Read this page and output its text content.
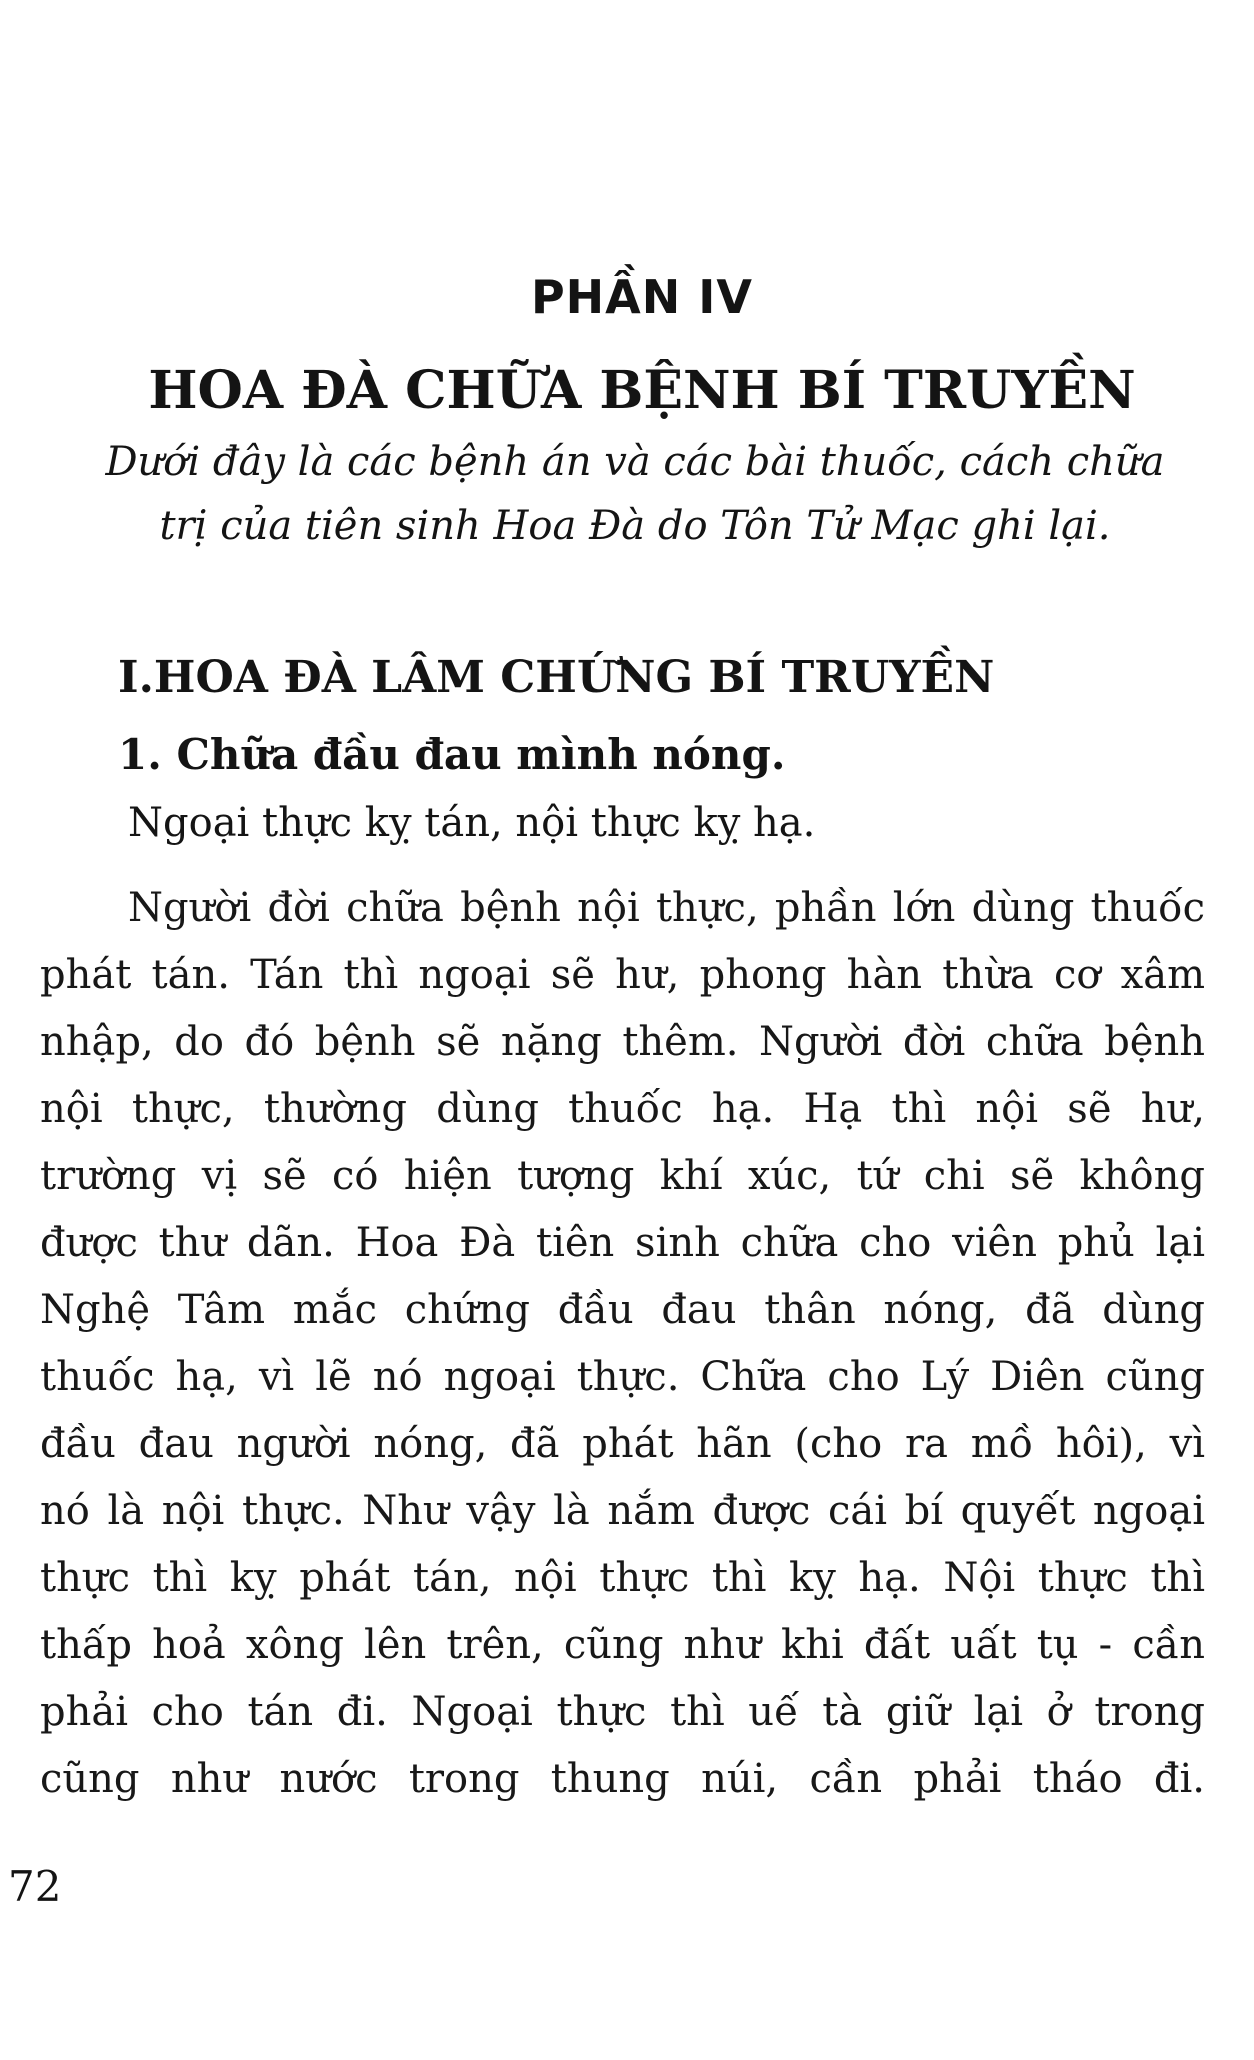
PHẦN IV
HOA ĐÀ CHỮA BỆNH BÍ TRUYỀN
Dưới đây là các bệnh án và các bài thuốc, cách chữa
trị của tiên sinh Hoa Đà do Tôn Tử Mạc ghi lại.
I.HOA ĐÀ LÂM CHỨNG BÍ TRUYỀN
1. Chữa đầu đau mình nóng.
Ngoại thực kỵ tán, nội thực kỵ hạ.
Người đời chữa bệnh nội thực, phần lớn dùng thuốc
phát tán. Tán thì ngoại sẽ hư, phong hàn thừa cơ xâm
nhập, do đó bệnh sẽ nặng thêm. Người đời chữa bệnh
nội thực, thường dùng thuốc hạ. Hạ thì nội sẽ hư,
trường vị sẽ có hiện tượng khí xúc, tứ chi sẽ không
được thư dãn. Hoa Đà tiên sinh chữa cho viên phủ lại
Nghệ Tâm mắc chứng đầu đau thân nóng, đã dùng
thuốc hạ, vì lẽ nó ngoại thực. Chữa cho Lý Diên cũng
đầu đau người nóng, đã phát hãn (cho ra mồ hôi), vì
nó là nội thực. Như vậy là nắm được cái bí quyết ngoại
thực thì kỵ phát tán, nội thực thì kỵ hạ. Nội thực thì
thấp hoả xông lên trên, cũng như khi đất uất tụ - cần
phải cho tán đi. Ngoại thực thì uế tà giữ lại ở trong
cũng như nước trong thung núi, cần phải tháo đi.
72
